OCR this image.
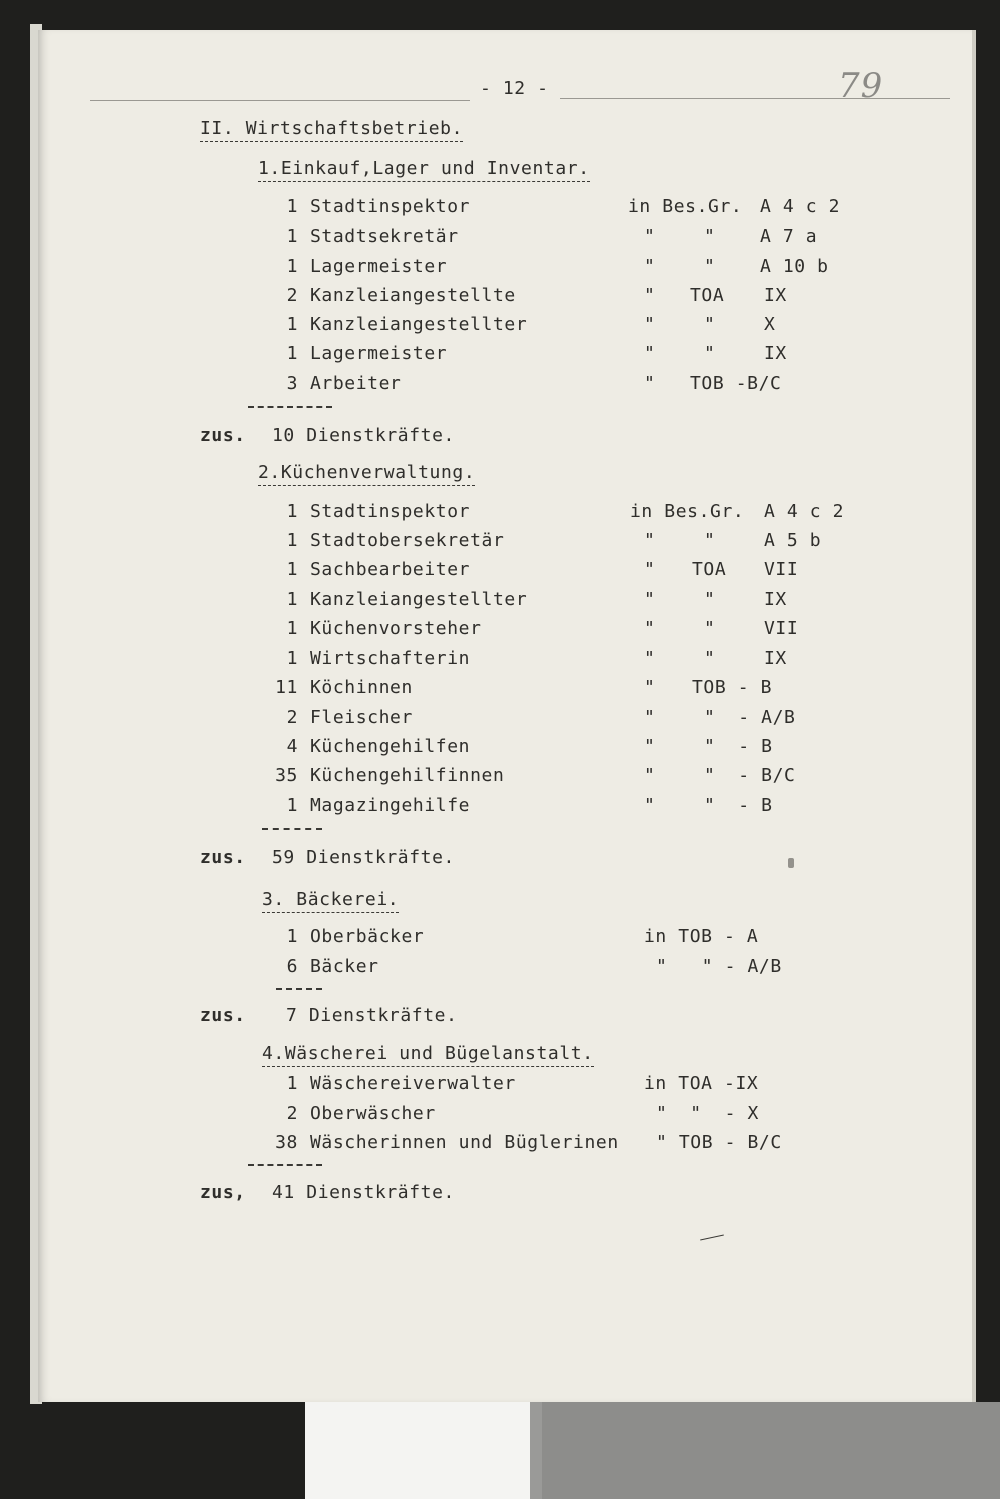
- 12 -	79
II. Wirtschaftsbetrieb.
1.Einkauf,Lager und Inventar.
1 Stadtinspektor	in Bes.Gr. A 4 c 2
1 Stadtsekretär	"	" A 7 a
1 Lagermeister	"	" A 10 b
2 Kanzleiangestellte	" TOA IX
1 Kanzleiangestellter	"	"	X
1 Lagermeister	"	"	IX
3 Arbeiter	" TOB -B/C
zus. 10 Dienstkräfte.
2.Küchenverwaltung.
1 Stadtinspektor	in Bes.Gr. A 4 c 2
1 Stadtobersekretär	"	"	A 5 b
1 Sachbearbeiter	" TOA VII
1 Kanzleiangestellter	"	"	IX
1 Küchenvorsteher	"	"	VII
1 Wirtschafterin	"	"	IX
11 Köchinnen	" TOB - B
2 Fleischer	"	"  - A/B
4 Küchengehilfen	"	"  - B
35 Küchengehilfinnen	"	"  - B/C
1 Magazingehilfe	"	"  - B
zus. 59 Dienstkräfte.
3. Bäckerei.
1 Oberbäcker	in TOB - A
6 Bäcker	"   " - A/B
zus. 7 Dienstkräfte.
4.Wäscherei und Bügelanstalt.
1 Wäschereiverwalter	in TOA -IX
2 Oberwäscher	"  "  - X
38 Wäscherinnen und Büglerinen " TOB - B/C
zus, 41 Dienstkräfte.
